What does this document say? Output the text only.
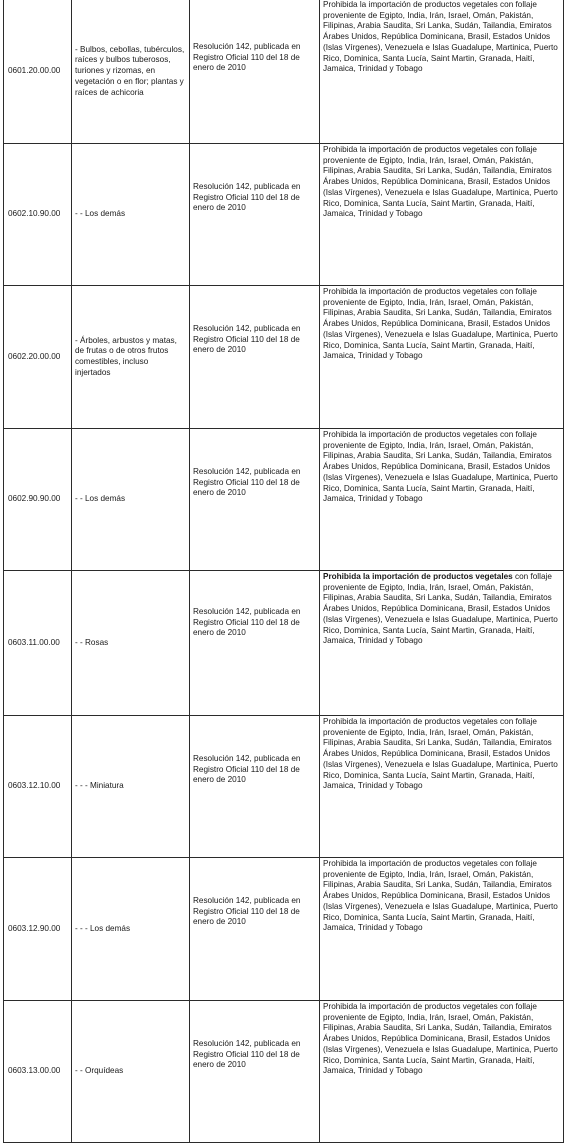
0601.20.00.00	- Bulbos, cebollas, tubérculos, raíces y bulbos tuberosos, turiones y rizomas, en vegetación o en flor; plantas y raíces de achicoria	Resolución 142, publicada en Registro Oficial 110 del 18 de enero de 2010	Prohibida la importación de productos vegetales con follaje proveniente de Egipto, India, Irán, Israel, Omán, Pakistán, Filipinas, Arabia Saudita, Sri Lanka, Sudán, Tailandia, Emiratos Árabes Unidos, República Dominicana, Brasil, Estados Unidos (Islas Vírgenes), Venezuela e Islas Guadalupe, Martinica, Puerto Rico, Dominica, Santa Lucía, Saint Martin, Granada, Haití, Jamaica, Trinidad y Tobago
0602.10.90.00	- - Los demás	Resolución 142, publicada en Registro Oficial 110 del 18 de enero de 2010	Prohibida la importación de productos vegetales con follaje proveniente de Egipto, India, Irán, Israel, Omán, Pakistán, Filipinas, Arabia Saudita, Sri Lanka, Sudán, Tailandia, Emiratos Árabes Unidos, República Dominicana, Brasil, Estados Unidos (Islas Vírgenes), Venezuela e Islas Guadalupe, Martinica, Puerto Rico, Dominica, Santa Lucía, Saint Martin, Granada, Haití, Jamaica, Trinidad y Tobago
0602.20.00.00	- Árboles, arbustos y matas, de frutas o de otros frutos comestibles, incluso injertados	Resolución 142, publicada en Registro Oficial 110 del 18 de enero de 2010	Prohibida la importación de productos vegetales con follaje proveniente de Egipto, India, Irán, Israel, Omán, Pakistán, Filipinas, Arabia Saudita, Sri Lanka, Sudán, Tailandia, Emiratos Árabes Unidos, República Dominicana, Brasil, Estados Unidos (Islas Vírgenes), Venezuela e Islas Guadalupe, Martinica, Puerto Rico, Dominica, Santa Lucía, Saint Martin, Granada, Haití, Jamaica, Trinidad y Tobago
0602.90.90.00	- - Los demás	Resolución 142, publicada en Registro Oficial 110 del 18 de enero de 2010	Prohibida la importación de productos vegetales con follaje proveniente de Egipto, India, Irán, Israel, Omán, Pakistán, Filipinas, Arabia Saudita, Sri Lanka, Sudán, Tailandia, Emiratos Árabes Unidos, República Dominicana, Brasil, Estados Unidos (Islas Vírgenes), Venezuela e Islas Guadalupe, Martinica, Puerto Rico, Dominica, Santa Lucía, Saint Martin, Granada, Haití, Jamaica, Trinidad y Tobago
0603.11.00.00	- - Rosas	Resolución 142, publicada en Registro Oficial 110 del 18 de enero de 2010	Prohibida la importación de productos vegetales con follaje proveniente de Egipto, India, Irán, Israel, Omán, Pakistán, Filipinas, Arabia Saudita, Sri Lanka, Sudán, Tailandia, Emiratos Árabes Unidos, República Dominicana, Brasil, Estados Unidos (Islas Vírgenes), Venezuela e Islas Guadalupe, Martinica, Puerto Rico, Dominica, Santa Lucía, Saint Martin, Granada, Haití, Jamaica, Trinidad y Tobago
0603.12.10.00	- - - Miniatura	Resolución 142, publicada en Registro Oficial 110 del 18 de enero de 2010	Prohibida la importación de productos vegetales con follaje proveniente de Egipto, India, Irán, Israel, Omán, Pakistán, Filipinas, Arabia Saudita, Sri Lanka, Sudán, Tailandia, Emiratos Árabes Unidos, República Dominicana, Brasil, Estados Unidos (Islas Vírgenes), Venezuela e Islas Guadalupe, Martinica, Puerto Rico, Dominica, Santa Lucía, Saint Martin, Granada, Haití, Jamaica, Trinidad y Tobago
0603.12.90.00	- - - Los demás	Resolución 142, publicada en Registro Oficial 110 del 18 de enero de 2010	Prohibida la importación de productos vegetales con follaje proveniente de Egipto, India, Irán, Israel, Omán, Pakistán, Filipinas, Arabia Saudita, Sri Lanka, Sudán, Tailandia, Emiratos Árabes Unidos, República Dominicana, Brasil, Estados Unidos (Islas Vírgenes), Venezuela e Islas Guadalupe, Martinica, Puerto Rico, Dominica, Santa Lucía, Saint Martin, Granada, Haití, Jamaica, Trinidad y Tobago
0603.13.00.00	- - Orquídeas	Resolución 142, publicada en Registro Oficial 110 del 18 de enero de 2010	Prohibida la importación de productos vegetales con follaje proveniente de Egipto, India, Irán, Israel, Omán, Pakistán, Filipinas, Arabia Saudita, Sri Lanka, Sudán, Tailandia, Emiratos Árabes Unidos, República Dominicana, Brasil, Estados Unidos (Islas Vírgenes), Venezuela e Islas Guadalupe, Martinica, Puerto Rico, Dominica, Santa Lucía, Saint Martin, Granada, Haití, Jamaica, Trinidad y Tobago
